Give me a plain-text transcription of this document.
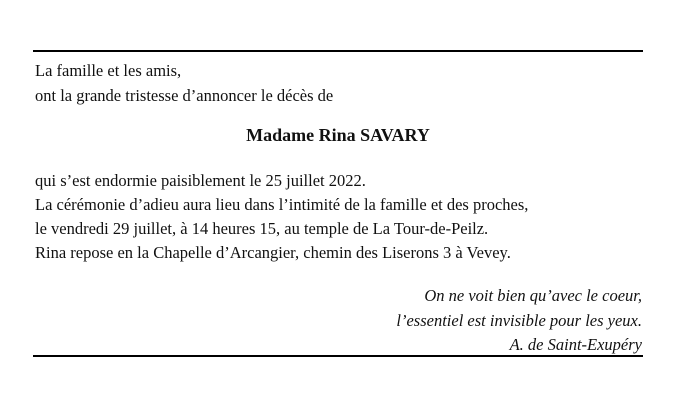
La famille et les amis,

ont la grande tristesse d’annoncer le décès de

Madame Rina SAVARY

qui s’est endormie paisiblement le 25 juillet 2022.

La cérémonie d’adieu aura lieu dans l’intimité de la famille et des proches,

le vendredi 29 juillet, à 14 heures 15, au temple de La Tour-de-Peilz.

Rina repose en la Chapelle d’Arcangier, chemin des Liserons 3 à Vevey.

On ne voit bien qu’avec le coeur,
l’essentiel est invisible pour les yeux.
A. de Saint-Exupéry
